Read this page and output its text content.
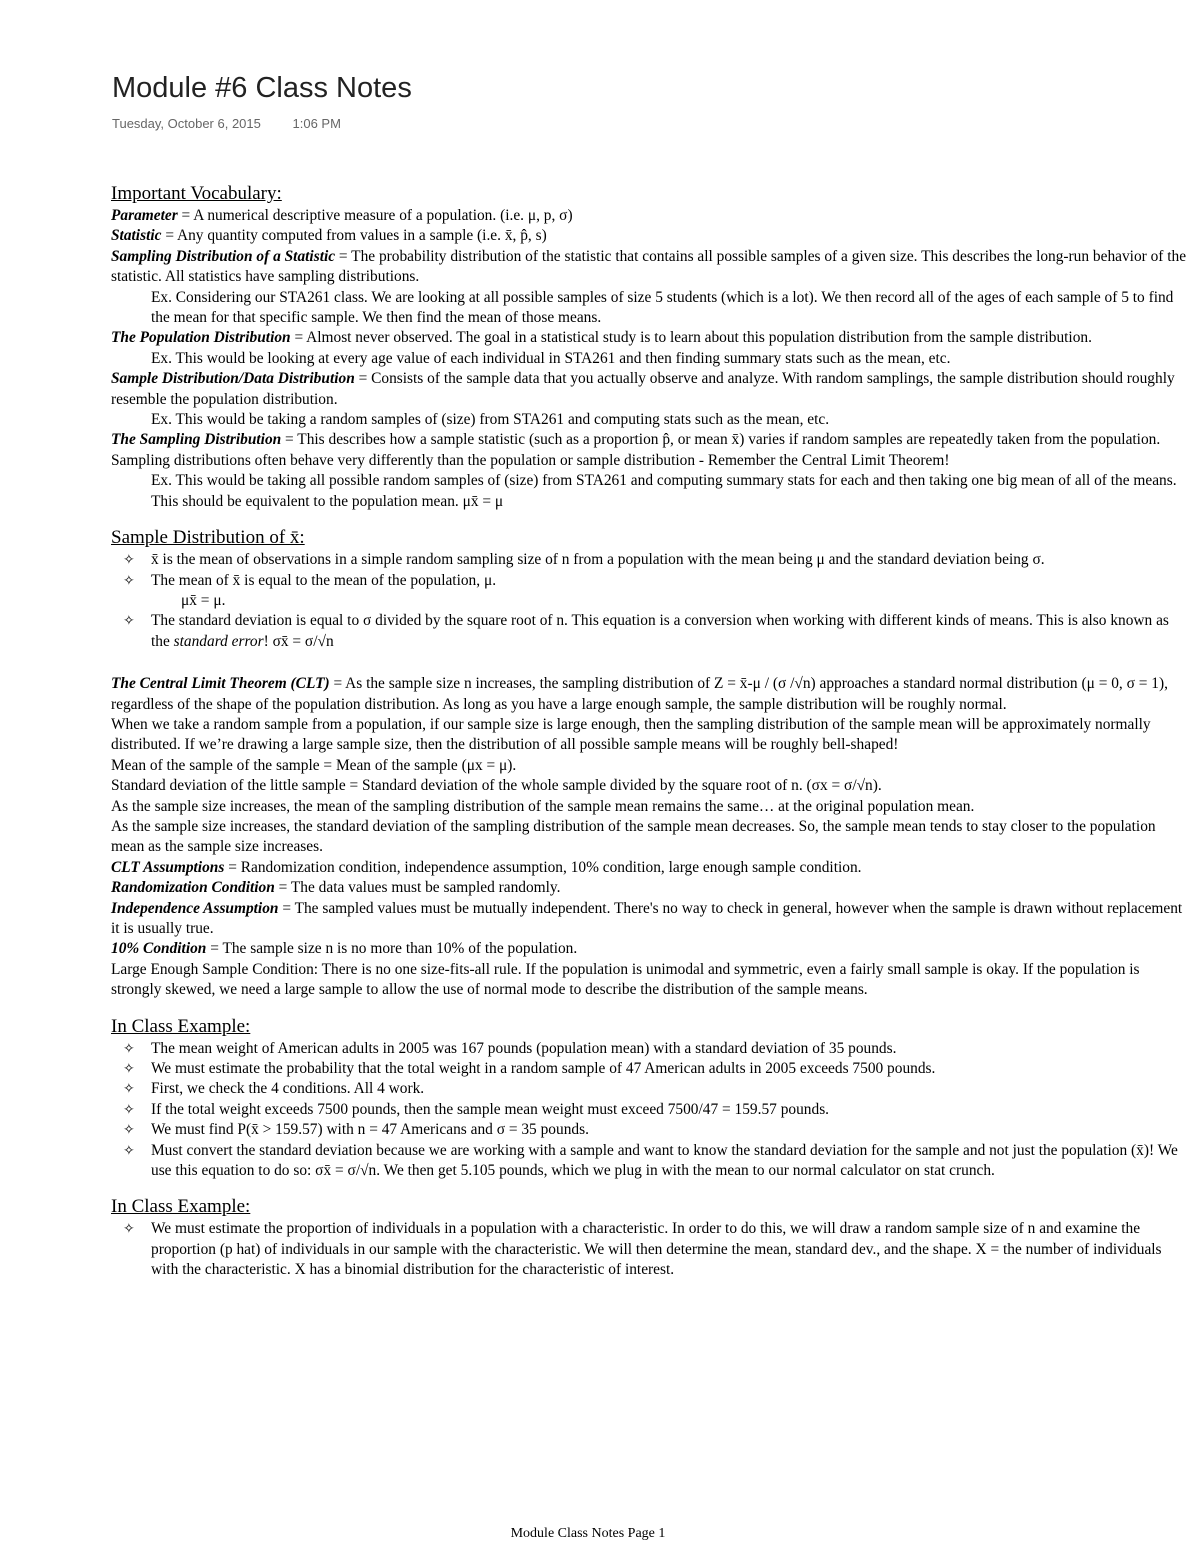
Module #6 Class Notes
Tuesday, October 6, 2015 1:06 PM

Important Vocabulary:

Parameter = A numerical descriptive measure of a population. (i.e. μ, p, σ)

Statistic = Any quantity computed from values in a sample (i.e. x̄, p̂, s)

Sampling Distribution of a Statistic = The probability distribution of the statistic that contains all possible samples of a given size. This describes the long-run behavior of the statistic. All statistics have sampling distributions.

Ex. Considering our STA261 class. We are looking at all possible samples of size 5 students (which is a lot). We then record all of the ages of each sample of 5 to find the mean for that specific sample. We then find the mean of those means.

The Population Distribution = Almost never observed. The goal in a statistical study is to learn about this population distribution from the sample distribution.

Ex. This would be looking at every age value of each individual in STA261 and then finding summary stats such as the mean, etc.

Sample Distribution/Data Distribution = Consists of the sample data that you actually observe and analyze. With random samplings, the sample distribution should roughly resemble the population distribution.

Ex. This would be taking a random samples of (size) from STA261 and computing stats such as the mean, etc.

The Sampling Distribution = This describes how a sample statistic (such as a proportion p̂, or mean x̄) varies if random samples are repeatedly taken from the population. Sampling distributions often behave very differently than the population or sample distribution - Remember the Central Limit Theorem!

Ex. This would be taking all possible random samples of (size) from STA261 and computing summary stats for each and then taking one big mean of all of the means. This should be equivalent to the population mean. μx̄ = μ

Sample Distribution of x̄:

✧	x̄ is the mean of observations in a simple random sampling size of n from a population with the mean being μ and the standard deviation being σ.
✧	The mean of x̄ is equal to the mean of the population, μ.

μx̄ = μ.

✧	The standard deviation is equal to σ divided by the square root of n. This equation is a conversion when working with different kinds of means. This is also known as the standard error! σx̄ = σ/√n

The Central Limit Theorem (CLT) = As the sample size n increases, the sampling distribution of Z = x̄-μ / (σ /√n) approaches a standard normal distribution (μ = 0, σ = 1), regardless of the shape of the population distribution. As long as you have a large enough sample, the sample distribution will be roughly normal.

When we take a random sample from a population, if our sample size is large enough, then the sampling distribution of the sample mean will be approximately normally distributed. If we’re drawing a large sample size, then the distribution of all possible sample means will be roughly bell-shaped!

Mean of the sample of the sample = Mean of the sample (μx = μ).

Standard deviation of the little sample = Standard deviation of the whole sample divided by the square root of n. (σx = σ/√n).

As the sample size increases, the mean of the sampling distribution of the sample mean remains the same… at the original population mean.

As the sample size increases, the standard deviation of the sampling distribution of the sample mean decreases. So, the sample mean tends to stay closer to the population mean as the sample size increases.

CLT Assumptions = Randomization condition, independence assumption, 10% condition, large enough sample condition.

Randomization Condition = The data values must be sampled randomly.

Independence Assumption = The sampled values must be mutually independent. There's no way to check in general, however when the sample is drawn without replacement it is usually true.

10% Condition = The sample size n is no more than 10% of the population.

Large Enough Sample Condition: There is no one size-fits-all rule. If the population is unimodal and symmetric, even a fairly small sample is okay. If the population is strongly skewed, we need a large sample to allow the use of normal mode to describe the distribution of the sample means.

In Class Example:

✧	The mean weight of American adults in 2005 was 167 pounds (population mean) with a standard deviation of 35 pounds.
✧	We must estimate the probability that the total weight in a random sample of 47 American adults in 2005 exceeds 7500 pounds.
✧	First, we check the 4 conditions. All 4 work.
✧	If the total weight exceeds 7500 pounds, then the sample mean weight must exceed 7500/47 = 159.57 pounds.
✧	We must find P(x̄ > 159.57) with n = 47 Americans and σ = 35 pounds.
✧	Must convert the standard deviation because we are working with a sample and want to know the standard deviation for the sample and not just the population (x̄)! We use this equation to do so: σx̄ = σ/√n. We then get 5.105 pounds, which we plug in with the mean to our normal calculator on stat crunch.

In Class Example:

✧	We must estimate the proportion of individuals in a population with a characteristic. In order to do this, we will draw a random sample size of n and examine the proportion (p hat) of individuals in our sample with the characteristic. We will then determine the mean, standard dev., and the shape. X = the number of individuals with the characteristic. X has a binomial distribution for the characteristic of interest.
Module Class Notes Page 1
